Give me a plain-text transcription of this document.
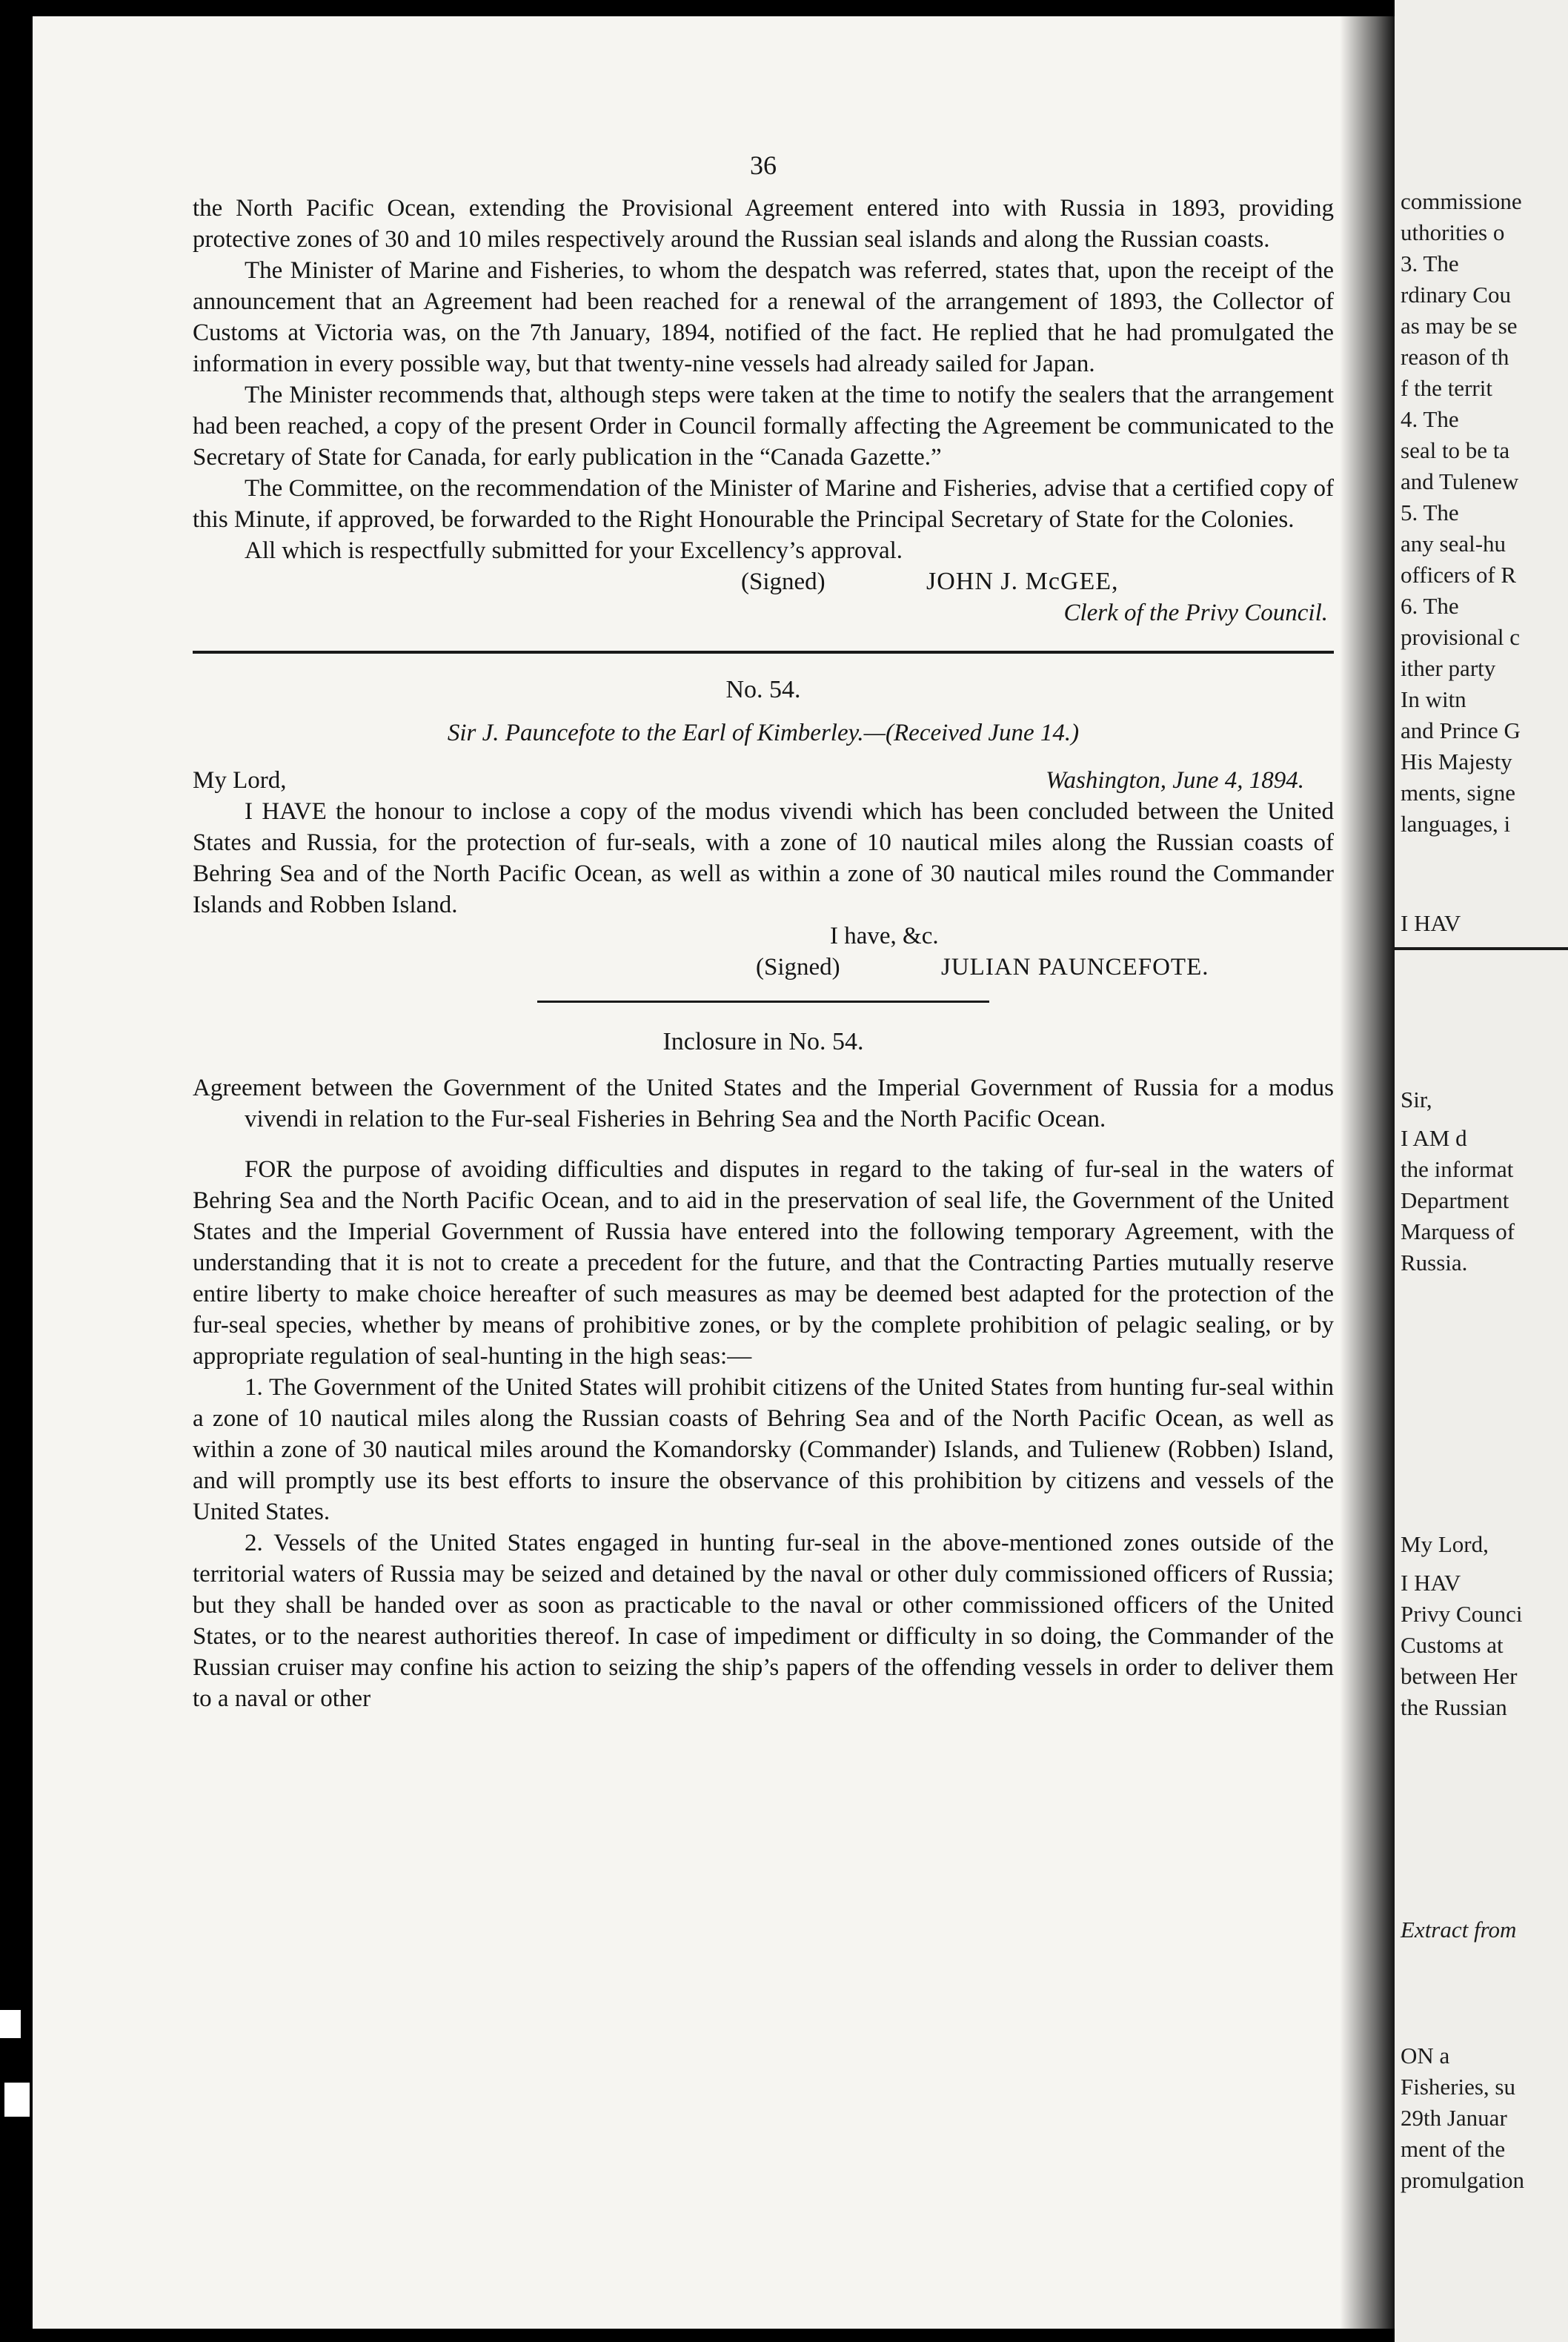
36

the North Pacific Ocean, extending the Provisional Agreement entered into with Russia in 1893, providing protective zones of 30 and 10 miles respectively around the Russian seal islands and along the Russian coasts.

The Minister of Marine and Fisheries, to whom the despatch was referred, states that, upon the receipt of the announcement that an Agreement had been reached for a renewal of the arrangement of 1893, the Collector of Customs at Victoria was, on the 7th January, 1894, notified of the fact. He replied that he had promulgated the information in every possible way, but that twenty-nine vessels had already sailed for Japan.

The Minister recommends that, although steps were taken at the time to notify the sealers that the arrangement had been reached, a copy of the present Order in Council formally affecting the Agreement be communicated to the Secretary of State for Canada, for early publication in the “Canada Gazette.”

The Committee, on the recommendation of the Minister of Marine and Fisheries, advise that a certified copy of this Minute, if approved, be forwarded to the Right Honourable the Principal Secretary of State for the Colonies.

All which is respectfully submitted for your Excellency’s approval.

(Signed)	JOHN J. McGEE,
Clerk of the Privy Council.
No. 54.
Sir J. Pauncefote to the Earl of Kimberley.—(Received June 14.)
My Lord,	Washington, June 4, 1894.

I HAVE the honour to inclose a copy of the modus vivendi which has been concluded between the United States and Russia, for the protection of fur-seals, with a zone of 10 nautical miles along the Russian coasts of Behring Sea and of the North Pacific Ocean, as well as within a zone of 30 nautical miles round the Commander Islands and Robben Island.

I have, &c.
(Signed)	JULIAN PAUNCEFOTE.
Inclosure in No. 54.

Agreement between the Government of the United States and the Imperial Government of Russia for a modus vivendi in relation to the Fur-seal Fisheries in Behring Sea and the North Pacific Ocean.

FOR the purpose of avoiding difficulties and disputes in regard to the taking of fur-seal in the waters of Behring Sea and the North Pacific Ocean, and to aid in the preservation of seal life, the Government of the United States and the Imperial Government of Russia have entered into the following temporary Agreement, with the understanding that it is not to create a precedent for the future, and that the Contracting Parties mutually reserve entire liberty to make choice hereafter of such measures as may be deemed best adapted for the protection of the fur-seal species, whether by means of prohibitive zones, or by the complete prohibition of pelagic sealing, or by appropriate regulation of seal-hunting in the high seas:—

1. The Government of the United States will prohibit citizens of the United States from hunting fur-seal within a zone of 10 nautical miles along the Russian coasts of Behring Sea and of the North Pacific Ocean, as well as within a zone of 30 nautical miles around the Komandorsky (Commander) Islands, and Tulienew (Robben) Island, and will promptly use its best efforts to insure the observance of this prohibition by citizens and vessels of the United States.

2. Vessels of the United States engaged in hunting fur-seal in the above-mentioned zones outside of the territorial waters of Russia may be seized and detained by the naval or other duly commissioned officers of Russia; but they shall be handed over as soon as practicable to the naval or other commissioned officers of the United States, or to the nearest authorities thereof. In case of impediment or difficulty in so doing, the Commander of the Russian cruiser may confine his action to seizing the ship’s papers of the offending vessels in order to deliver them to a naval or other

commissione
uthorities o
3. The
rdinary Cou
as may be se
reason of th
f the territ
4. The
seal to be ta
and Tulenew
5. The
any seal-hu
officers of R
6. The
provisional c
ither party
In witn
and Prince G
His Majesty
ments, signe
languages, i
I HAV
Sir,
I AM d
the informat
Department
Marquess of
Russia.
My Lord,
I HAV
Privy Counci
Customs at
between Her
the Russian
Extract from
ON a
Fisheries, su
29th Januar
ment of the
promulgation
